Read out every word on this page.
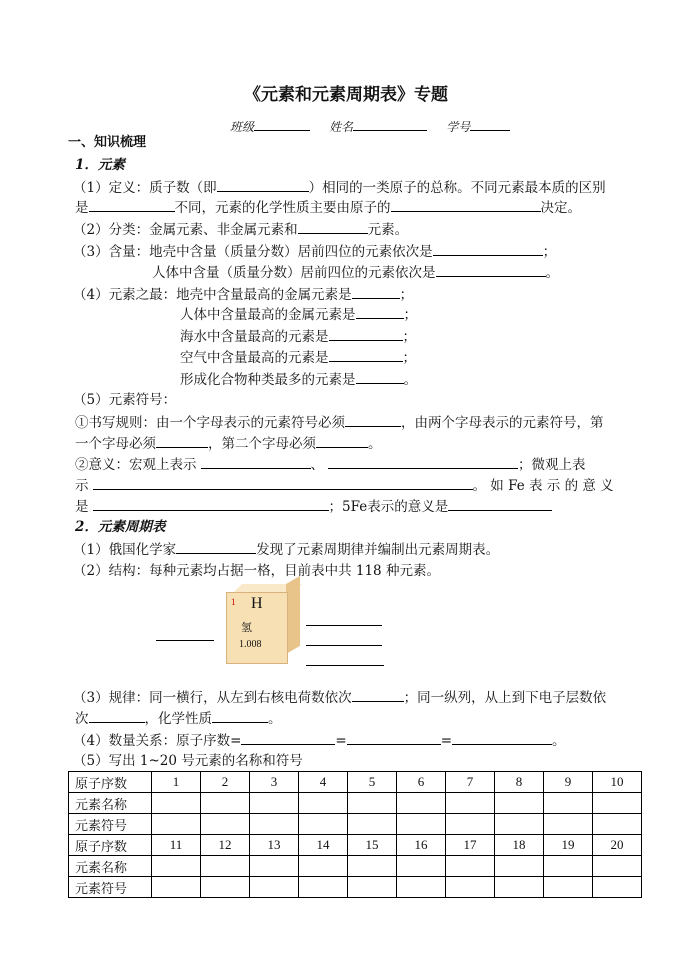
《元素和元素周期表》专题
班级	姓名	学号
一、知识梳理
1．元素
（1）定义：质子数（即	）相同的一类原子的总称。不同元素最本质的区别
是	不同，元素的化学性质主要由原子的	决定。
（2）分类：金属元素、非金属元素和	元素。
（3）含量：地壳中含量（质量分数）居前四位的元素依次是	；
人体中含量（质量分数）居前四位的元素依次是	。
（4）元素之最：地壳中含量最高的金属元素是	；
人体中含量最高的金属元素是	；
海水中含量最高的元素是	；
空气中含量最高的元素是	；
形成化合物种类最多的元素是	。
（5）元素符号：
①书写规则：由一个字母表示的元素符号必须	，由两个字母表示的元素符号，第
一个字母必须	，第二个字母必须	。
②意义：宏观上表示	、	；微观上表
示	。 如 Fe 表 示 的 意 义
是	；5Fe表示的意义是
2．元素周期表
（1）俄国化学家	发现了元素周期律并编制出元素周期表。
（2）结构：每种元素均占据一格，目前表中共 118 种元素。
1 H
氢
1.008
（3）规律：同一横行，从左到右核电荷数依次	；同一纵列，从上到下电子层数依
次	，化学性质	。
（4）数量关系：原子序数=	=	=	。
（5）写出 1~20 号元素的名称和符号
原子序数	1	2	3	4	5	6	7	8	9	10
元素名称										
元素符号										
原子序数	11	12	13	14	15	16	17	18	19	20
元素名称										
元素符号										
